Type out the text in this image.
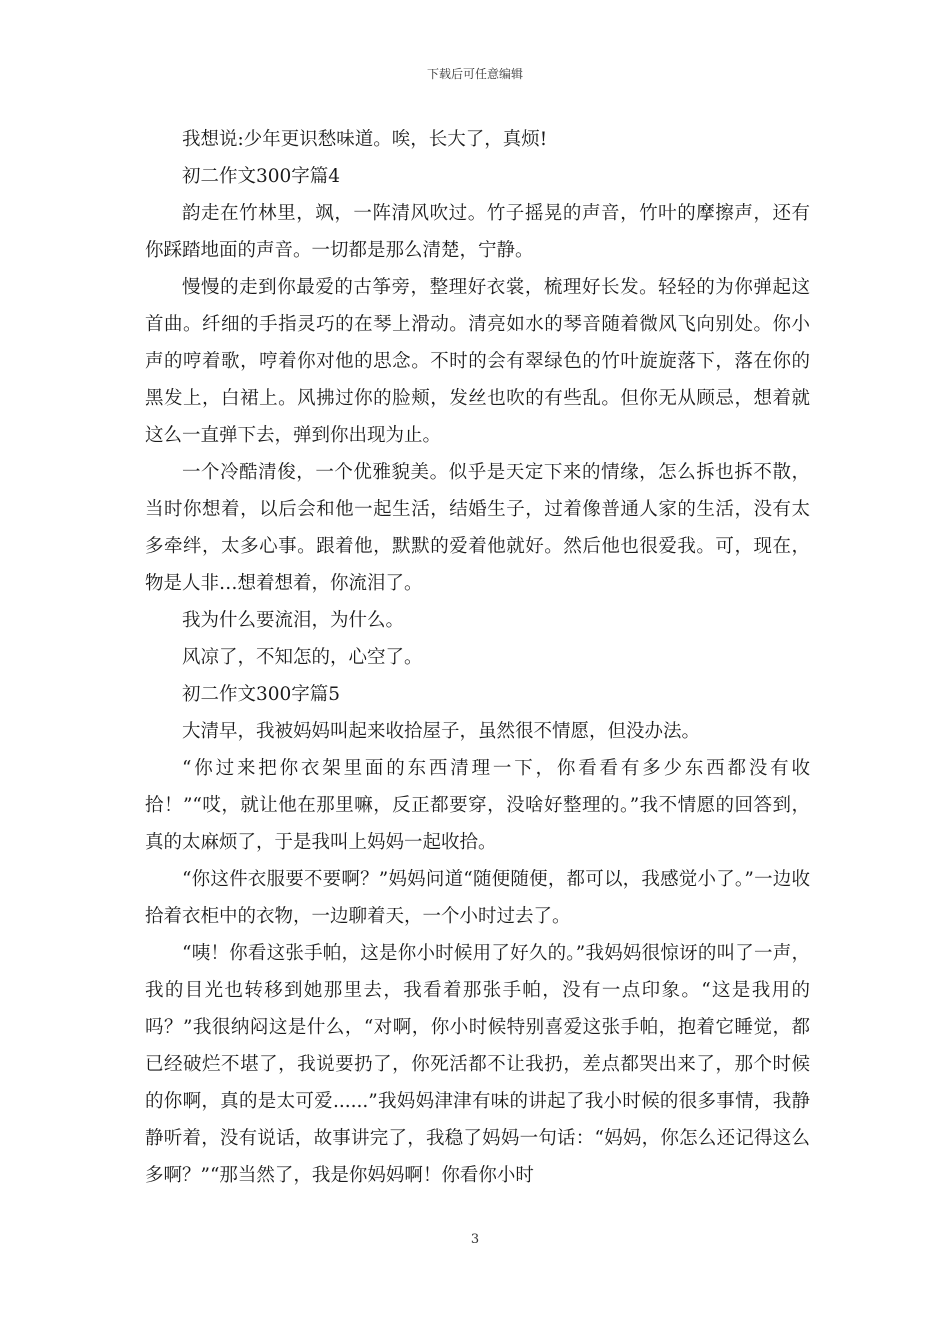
下载后可任意编辑

我想说:少年更识愁味道。唉，长大了，真烦!

初二作文300字篇4

韵走在竹林里，飒，一阵清风吹过。竹子摇晃的声音，竹叶的摩擦声，还有你踩踏地面的声音。一切都是那么清楚，宁静。

慢慢的走到你最爱的古筝旁，整理好衣裳，梳理好长发。轻轻的为你弹起这首曲。纤细的手指灵巧的在琴上滑动。清亮如水的琴音随着微风飞向别处。你小声的哼着歌，哼着你对他的思念。不时的会有翠绿色的竹叶旋旋落下，落在你的黑发上，白裙上。风拂过你的脸颊，发丝也吹的有些乱。但你无从顾忌，想着就这么一直弹下去，弹到你出现为止。

一个冷酷清俊，一个优雅貌美。似乎是天定下来的情缘，怎么拆也拆不散，当时你想着，以后会和他一起生活，结婚生子，过着像普通人家的生活，没有太多牵绊，太多心事。跟着他，默默的爱着他就好。然后他也很爱我。可，现在，物是人非…想着想着，你流泪了。

我为什么要流泪，为什么。

风凉了，不知怎的，心空了。

初二作文300字篇5

大清早，我被妈妈叫起来收拾屋子，虽然很不情愿，但没办法。

“你过来把你衣架里面的东西清理一下，你看看有多少东西都没有收拾！”“哎，就让他在那里嘛，反正都要穿，没啥好整理的。”我不情愿的回答到，真的太麻烦了，于是我叫上妈妈一起收拾。

“你这件衣服要不要啊？”妈妈问道“随便随便，都可以，我感觉小了。”一边收拾着衣柜中的衣物，一边聊着天，一个小时过去了。

“咦！你看这张手帕，这是你小时候用了好久的。”我妈妈很惊讶的叫了一声，我的目光也转移到她那里去，我看着那张手帕，没有一点印象。“这是我用的吗？”我很纳闷这是什么，“对啊，你小时候特别喜爱这张手帕，抱着它睡觉，都已经破烂不堪了，我说要扔了，你死活都不让我扔，差点都哭出来了，那个时候的你啊，真的是太可爱......”我妈妈津津有味的讲起了我小时候的很多事情，我静静听着，没有说话，故事讲完了，我稳了妈妈一句话：“妈妈，你怎么还记得这么多啊？”“那当然了，我是你妈妈啊！你看你小时

3
